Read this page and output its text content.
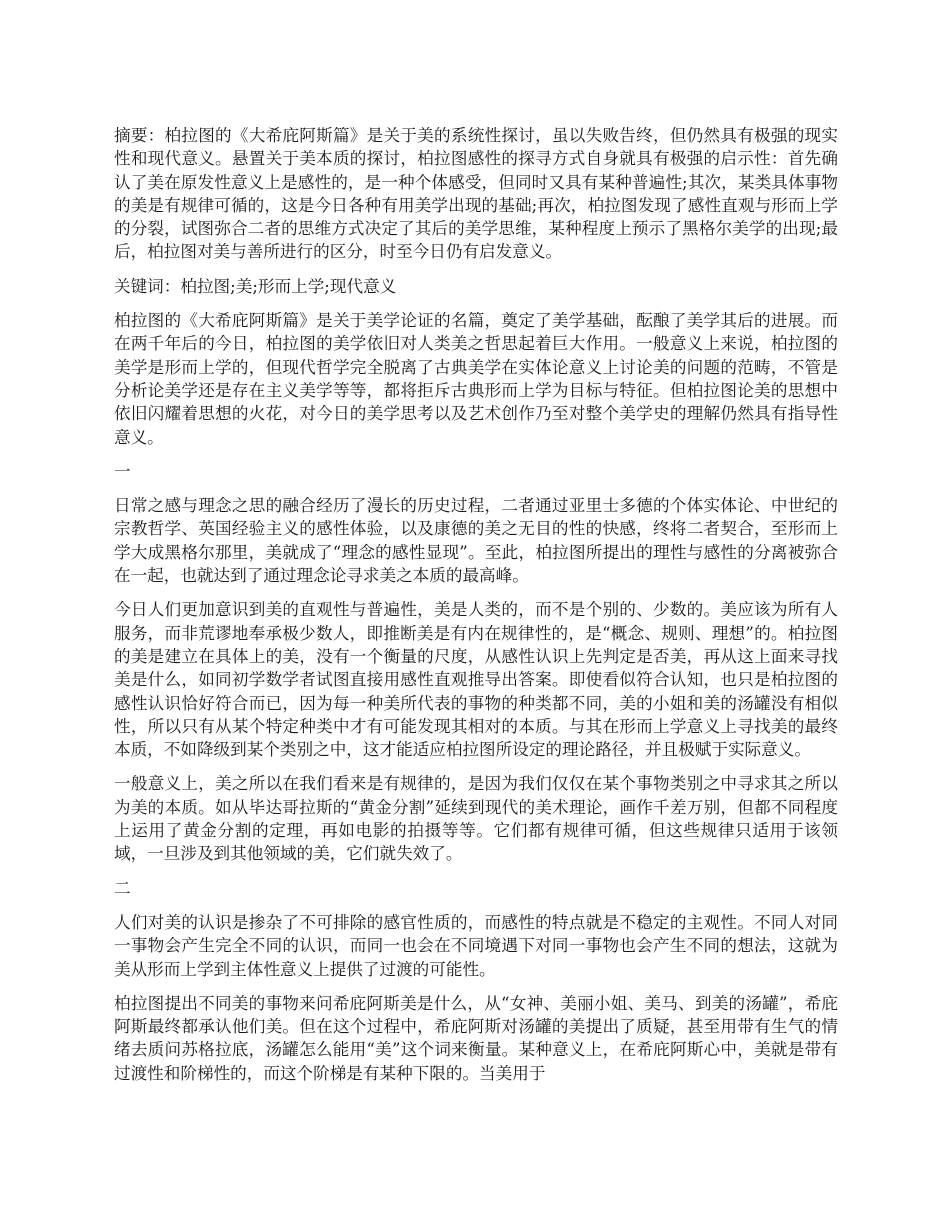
摘要：柏拉图的《大希庇阿斯篇》是关于美的系统性探讨，虽以失败告终，但仍然具有极强的现实性和现代意义。悬置关于美本质的探讨，柏拉图感性的探寻方式自身就具有极强的启示性：首先确认了美在原发性意义上是感性的，是一种个体感受，但同时又具有某种普遍性;其次，某类具体事物的美是有规律可循的，这是今日各种有用美学出现的基础;再次，柏拉图发现了感性直观与形而上学的分裂，试图弥合二者的思维方式决定了其后的美学思维，某种程度上预示了黑格尔美学的出现;最后，柏拉图对美与善所进行的区分，时至今日仍有启发意义。

关键词：柏拉图;美;形而上学;现代意义

柏拉图的《大希庇阿斯篇》是关于美学论证的名篇，奠定了美学基础，酝酿了美学其后的进展。而在两千年后的今日，柏拉图的美学依旧对人类美之哲思起着巨大作用。一般意义上来说，柏拉图的美学是形而上学的，但现代哲学完全脱离了古典美学在实体论意义上讨论美的问题的范畴，不管是分析论美学还是存在主义美学等等，都将拒斥古典形而上学为目标与特征。但柏拉图论美的思想中依旧闪耀着思想的火花，对今日的美学思考以及艺术创作乃至对整个美学史的理解仍然具有指导性意义。

一

日常之感与理念之思的融合经历了漫长的历史过程，二者通过亚里士多德的个体实体论、中世纪的宗教哲学、英国经验主义的感性体验，以及康德的美之无目的性的快感，终将二者契合，至形而上学大成黑格尔那里，美就成了“理念的感性显现”。至此，柏拉图所提出的理性与感性的分离被弥合在一起，也就达到了通过理念论寻求美之本质的最高峰。

今日人们更加意识到美的直观性与普遍性，美是人类的，而不是个别的、少数的。美应该为所有人服务，而非荒谬地奉承极少数人，即推断美是有内在规律性的，是“概念、规则、理想”的。柏拉图的美是建立在具体上的美，没有一个衡量的尺度，从感性认识上先判定是否美，再从这上面来寻找美是什么，如同初学数学者试图直接用感性直观推导出答案。即使看似符合认知，也只是柏拉图的感性认识恰好符合而已，因为每一种美所代表的事物的种类都不同，美的小姐和美的汤罐没有相似性，所以只有从某个特定种类中才有可能发现其相对的本质。与其在形而上学意义上寻找美的最终本质，不如降级到某个类别之中，这才能适应柏拉图所设定的理论路径，并且极赋于实际意义。

一般意义上，美之所以在我们看来是有规律的，是因为我们仅仅在某个事物类别之中寻求其之所以为美的本质。如从毕达哥拉斯的“黄金分割”延续到现代的美术理论，画作千差万别，但都不同程度上运用了黄金分割的定理，再如电影的拍摄等等。它们都有规律可循，但这些规律只适用于该领域，一旦涉及到其他领域的美，它们就失效了。

二

人们对美的认识是掺杂了不可排除的感官性质的，而感性的特点就是不稳定的主观性。不同人对同一事物会产生完全不同的认识，而同一也会在不同境遇下对同一事物也会产生不同的想法，这就为美从形而上学到主体性意义上提供了过渡的可能性。

柏拉图提出不同美的事物来问希庇阿斯美是什么，从“女神、美丽小姐、美马、到美的汤罐”，希庇阿斯最终都承认他们美。但在这个过程中，希庇阿斯对汤罐的美提出了质疑，甚至用带有生气的情绪去质问苏格拉底，汤罐怎么能用“美”这个词来衡量。某种意义上，在希庇阿斯心中，美就是带有过渡性和阶梯性的，而这个阶梯是有某种下限的。当美用于
